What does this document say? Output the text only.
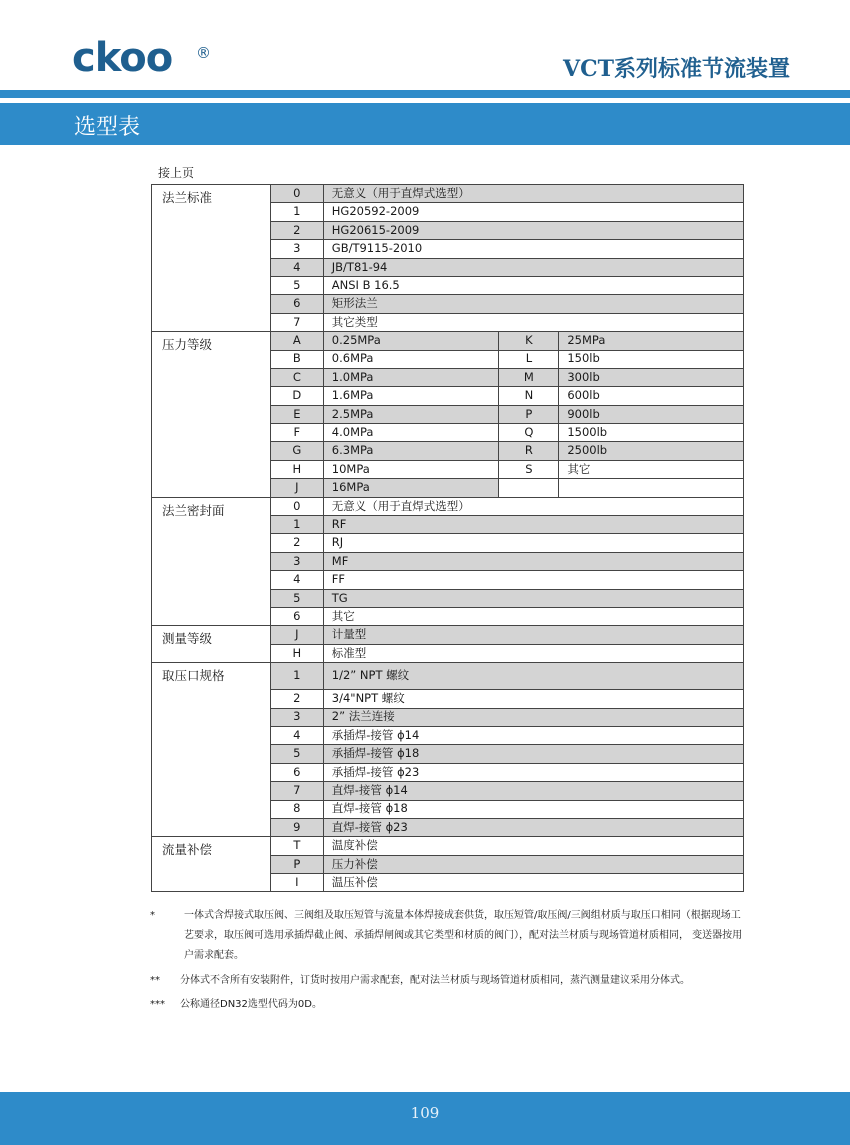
ckoo ®
VCT系列标准节流装置
选型表
接上页
法兰标准	0	无意义（用于直焊式选型）		
	1	HG20592-2009		
	2	HG20615-2009		
	3	GB/T9115-2010		
	4	JB/T81-94		
	5	ANSI B 16.5		
	6	矩形法兰		
	7	其它类型		
压力等级	A	0.25MPa	K	25MPa
	B	0.6MPa	L	150lb
	C	1.0MPa	M	300lb
	D	1.6MPa	N	600lb
	E	2.5MPa	P	900lb
	F	4.0MPa	Q	1500lb
	G	6.3MPa	R	2500lb
	H	10MPa	S	其它
	J	16MPa		
法兰密封面	0	无意义（用于直焊式选型）		
	1	RF		
	2	RJ		
	3	MF		
	4	FF		
	5	TG		
	6	其它		
测量等级	J	计量型		
	H	标准型		
取压口规格	1	1/2” NPT 螺纹		
	2	3/4"NPT 螺纹		
	3	2” 法兰连接		
	4	承插焊-接管 ϕ14		
	5	承插焊-接管 ϕ18		
	6	承插焊-接管 ϕ23		
	7	直焊-接管 ϕ14		
	8	直焊-接管 ϕ18		
	9	直焊-接管 ϕ23		
流量补偿	T	温度补偿		
	P	压力补偿		
	I	温压补偿		
*	一体式含焊接式取压阀、三阀组及取压短管与流量本体焊接成套供货，取压短管/取压阀/三阀组材质与取压口相同（根据现场工艺要求，取压阀可选用承插焊截止阀、承插焊闸阀或其它类型和材质的阀门），配对法兰材质与现场管道材质相同， 变送器按用户需求配套。
** 分体式不含所有安装附件，订货时按用户需求配套，配对法兰材质与现场管道材质相同，蒸汽测量建议采用分体式。
*** 公称通径DN32选型代码为0D。
109
